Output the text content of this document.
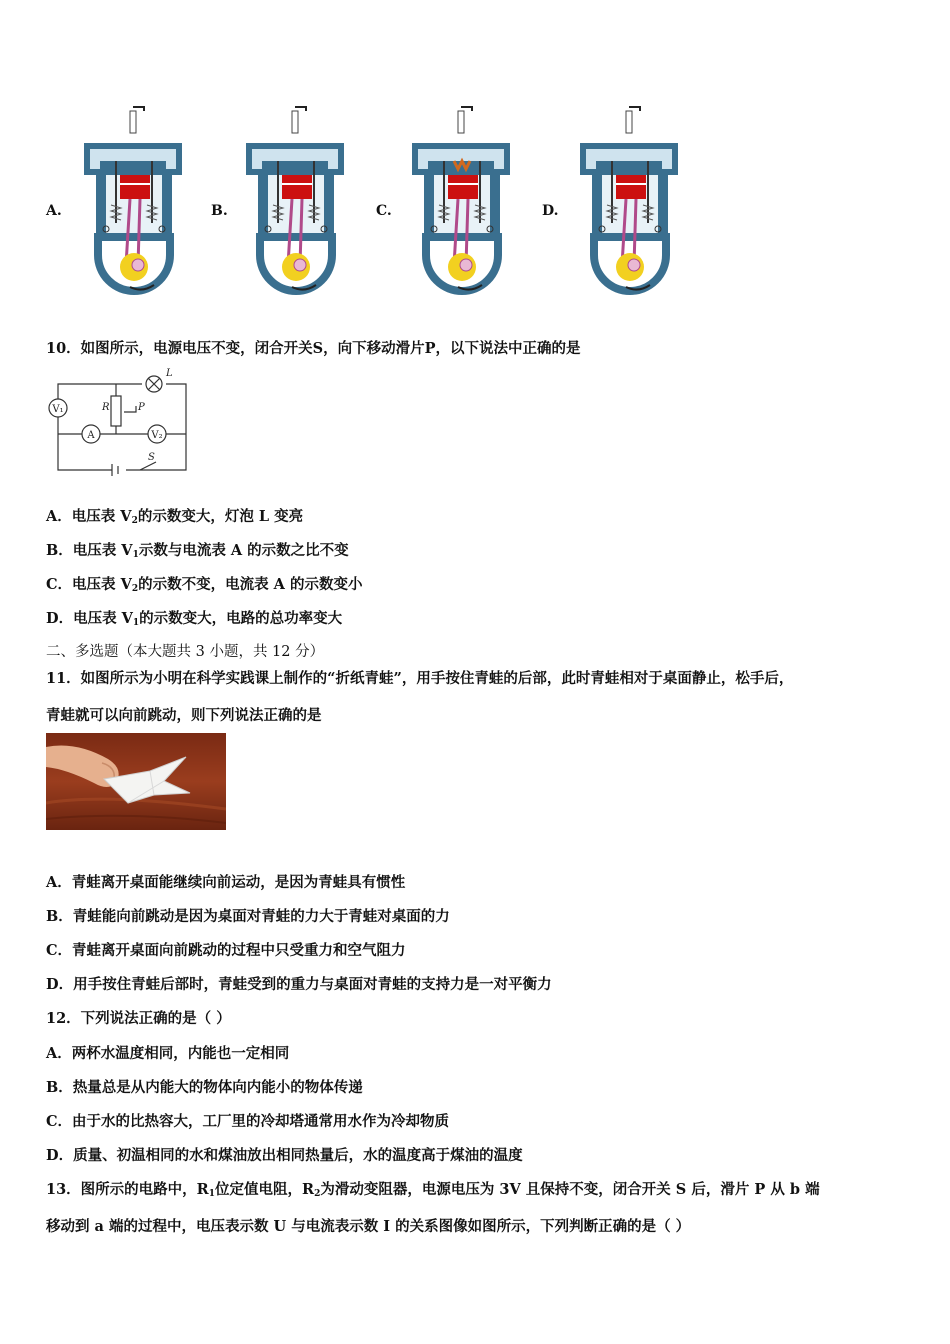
A.	B.	C.	D.
10．如图所示，电源电压不变，闭合开关S，向下移动滑片P，以下说法中正确的是
V₁
A	V₂
R	P
L
S
A．电压表 $V_2$的示数变大，灯泡 L 变亮
B．电压表 $V_1$示数与电流表 A 的示数之比不变
C．电压表 $V_2$的示数不变，电流表 A 的示数变小
D．电压表 $V_1$的示数变大，电路的总功率变大
二、多选题（本大题共 3 小题，共 12 分）
11．如图所示为小明在科学实践课上制作的“折纸青蛙”，用手按住青蛙的后部，此时青蛙相对于桌面静止，松手后，
青蛙就可以向前跳动，则下列说法正确的是
A．青蛙离开桌面能继续向前运动，是因为青蛙具有惯性
B．青蛙能向前跳动是因为桌面对青蛙的力大于青蛙对桌面的力
C．青蛙离开桌面向前跳动的过程中只受重力和空气阻力
D．用手按住青蛙后部时，青蛙受到的重力与桌面对青蛙的支持力是一对平衡力
12．下列说法正确的是（ ）
A．两杯水温度相同，内能也一定相同
B．热量总是从内能大的物体向内能小的物体传递
C．由于水的比热容大，工厂里的冷却塔通常用水作为冷却物质
D．质量、初温相同的水和煤油放出相同热量后，水的温度高于煤油的温度
13．图所示的电路中，$R_1$位定值电阻，$R_2$为滑动变阻器，电源电压为 3V 且保持不变，闭合开关 S 后，滑片 P 从 b 端
移动到 a 端的过程中，电压表示数 U 与电流表示数 I 的关系图像如图所示，下列判断正确的是（ ）
